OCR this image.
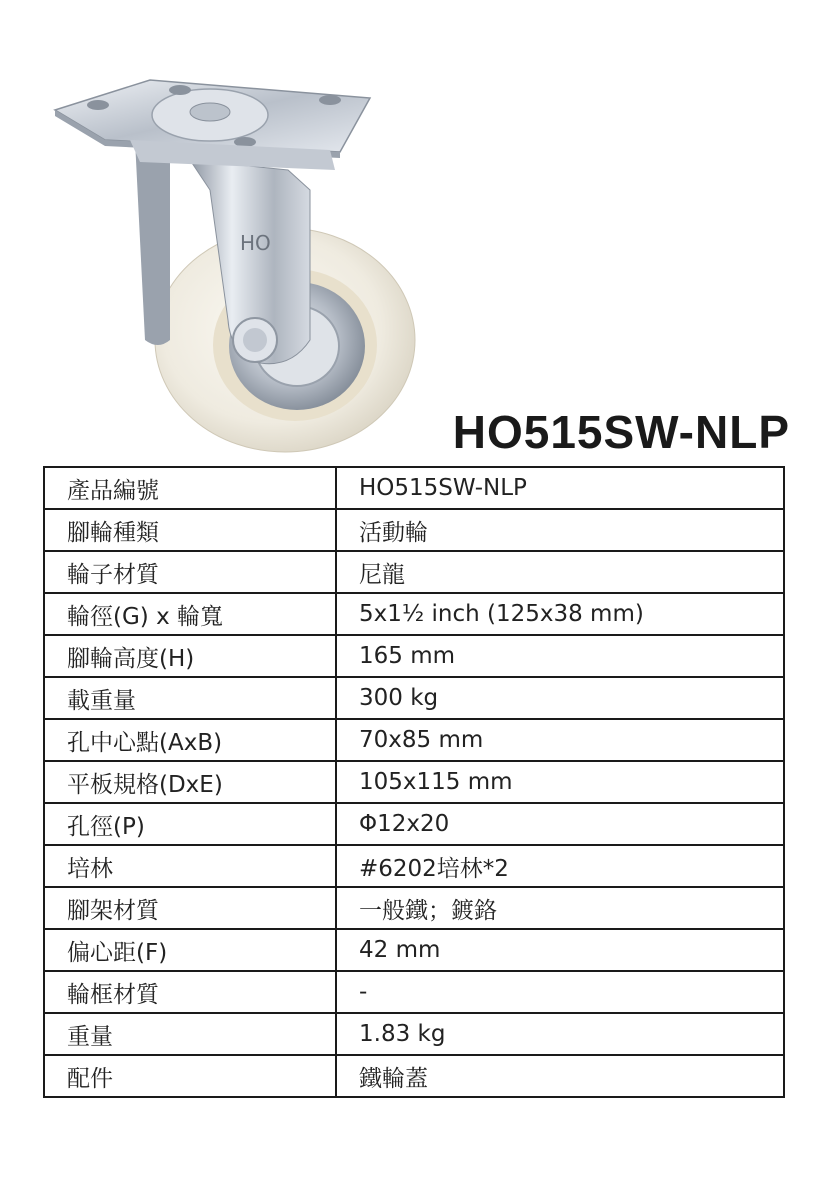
HO
HO515SW-NLP
產品編號	HO515SW-NLP
腳輪種類	活動輪
輪子材質	尼龍
輪徑(G) x 輪寬	5x1½ inch (125x38 mm)
腳輪高度(H)	165 mm
載重量	300 kg
孔中心點(AxB)	70x85 mm
平板規格(DxE)	105x115 mm
孔徑(P)	Φ12x20
培林	#6202培林*2
腳架材質	一般鐵；鍍鉻
偏心距(F)	42 mm
輪框材質	-
重量	1.83 kg
配件	鐵輪蓋
